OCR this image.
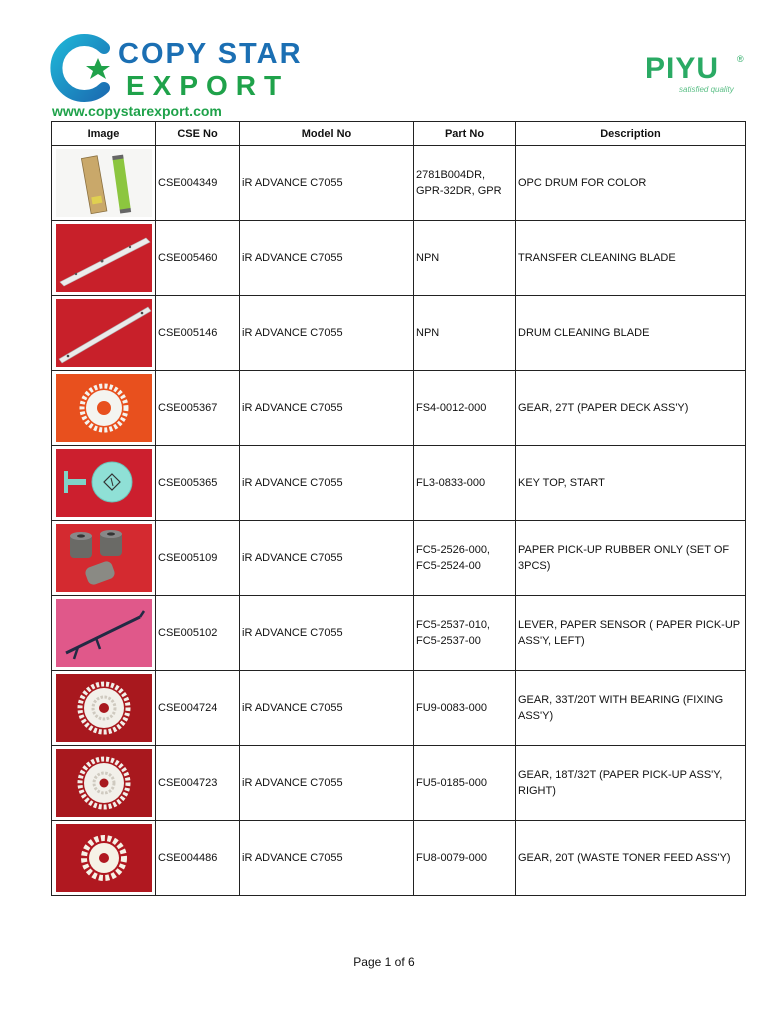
COPY STAR
EXPORT
www.copystarexport.com
PIYU ®
satisfied quality
Image	CSE No	Model No	Part No	Description

	CSE004349	iR ADVANCE C7055	2781B004DR, GPR-32DR, GPR	OPC DRUM FOR COLOR

	CSE005460	iR ADVANCE C7055	NPN	TRANSFER CLEANING BLADE

	CSE005146	iR ADVANCE C7055	NPN	DRUM CLEANING BLADE

	CSE005367	iR ADVANCE C7055	FS4-0012-000	GEAR, 27T (PAPER DECK ASS'Y)

	CSE005365	iR ADVANCE C7055	FL3-0833-000	KEY TOP, START

	CSE005109	iR ADVANCE C7055	FC5-2526-000, FC5-2524-00	PAPER PICK-UP RUBBER ONLY (SET OF 3PCS)

	CSE005102	iR ADVANCE C7055	FC5-2537-010, FC5-2537-00	LEVER, PAPER SENSOR ( PAPER PICK-UP ASS'Y, LEFT)

	CSE004724	iR ADVANCE C7055	FU9-0083-000	GEAR, 33T/20T WITH BEARING (FIXING ASS'Y)

	CSE004723	iR ADVANCE C7055	FU5-0185-000	GEAR, 18T/32T (PAPER PICK-UP ASS'Y, RIGHT)

	CSE004486	iR ADVANCE C7055	FU8-0079-000	GEAR, 20T (WASTE TONER FEED ASS'Y)
Page 1 of 6
